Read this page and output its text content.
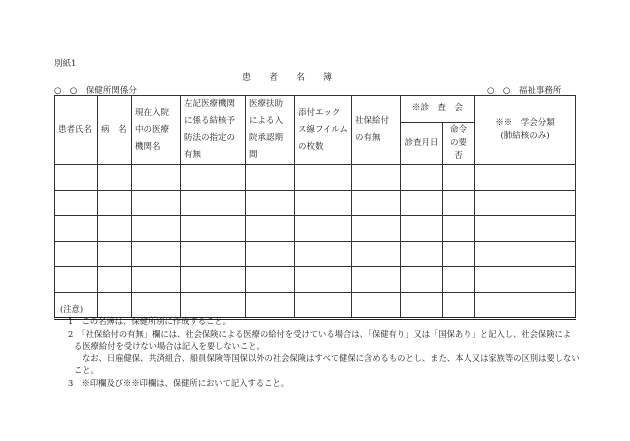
別紙1
患　　者　　名　　簿
○　○　保健所関係分	○　○　福祉事務所
患者氏名	病　名	現在入院中の医療機関名	左記医療機関に係る結核予防法の指定の有無	医療扶助による入院承認期間	添付エックス線フイルムの枚数	社保給付の有無	※診　査　会		※※　学会分類
(肺結核のみ)

							診査月日	命令の要　否	

(注意)
1　この名簿は、保健所別に作成すること。
2　「社保給付の有無」欄には、社会保険による医療の給付を受けている場合は、「保健有り」又は「国保あり」と記入し、社会保険によ
る医療給付を受けない場合は記入を要しないこと。
なお、日雇健保、共済組合、船員保険等国保以外の社会保険はすべて健保に含めるものとし、また、本人又は家族等の区別は要しない
こと。
3　※印欄及び※※印欄は、保健所において記入すること。
